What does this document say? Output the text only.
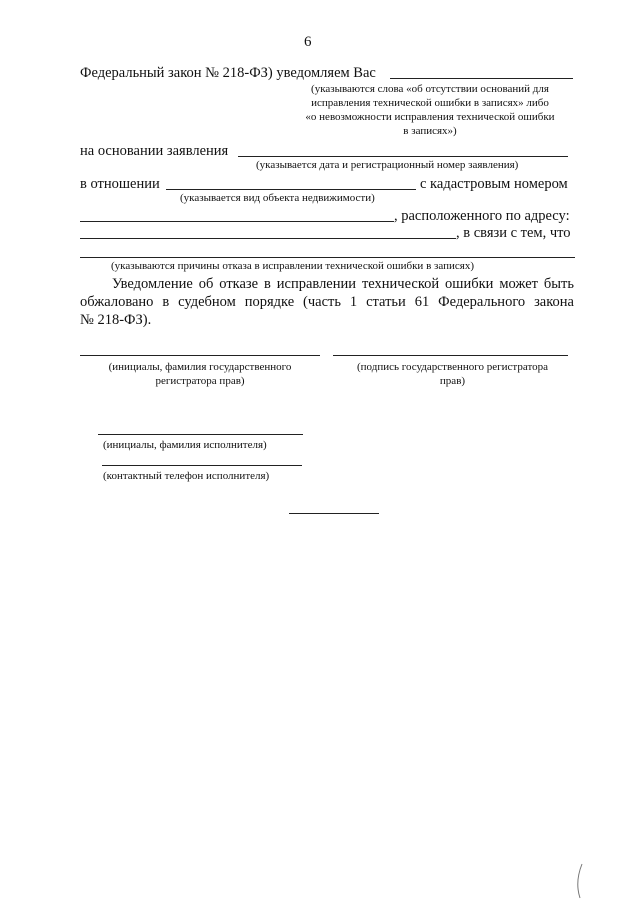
6
Федеральный закон № 218-ФЗ) уведомляем Вас
(указываются слова «об отсутствии оснований для
исправления технической ошибки в записях» либо
«о невозможности исправления технической ошибки
в записях»)
на основании заявления
(указывается дата и регистрационный номер заявления)
в отношении	с кадастровым номером
(указывается вид объекта недвижимости)
, расположенного по адресу:
, в связи с тем, что
(указываются причины отказа в исправлении технической ошибки в записях)
Уведомление об отказе в исправлении технической ошибки может быть
обжаловано в судебном порядке (часть 1 статьи 61 Федерального закона
№ 218-ФЗ).
(инициалы, фамилия государственного
регистратора прав)
(подпись государственного регистратора
прав)
(инициалы, фамилия исполнителя)
(контактный телефон исполнителя)
